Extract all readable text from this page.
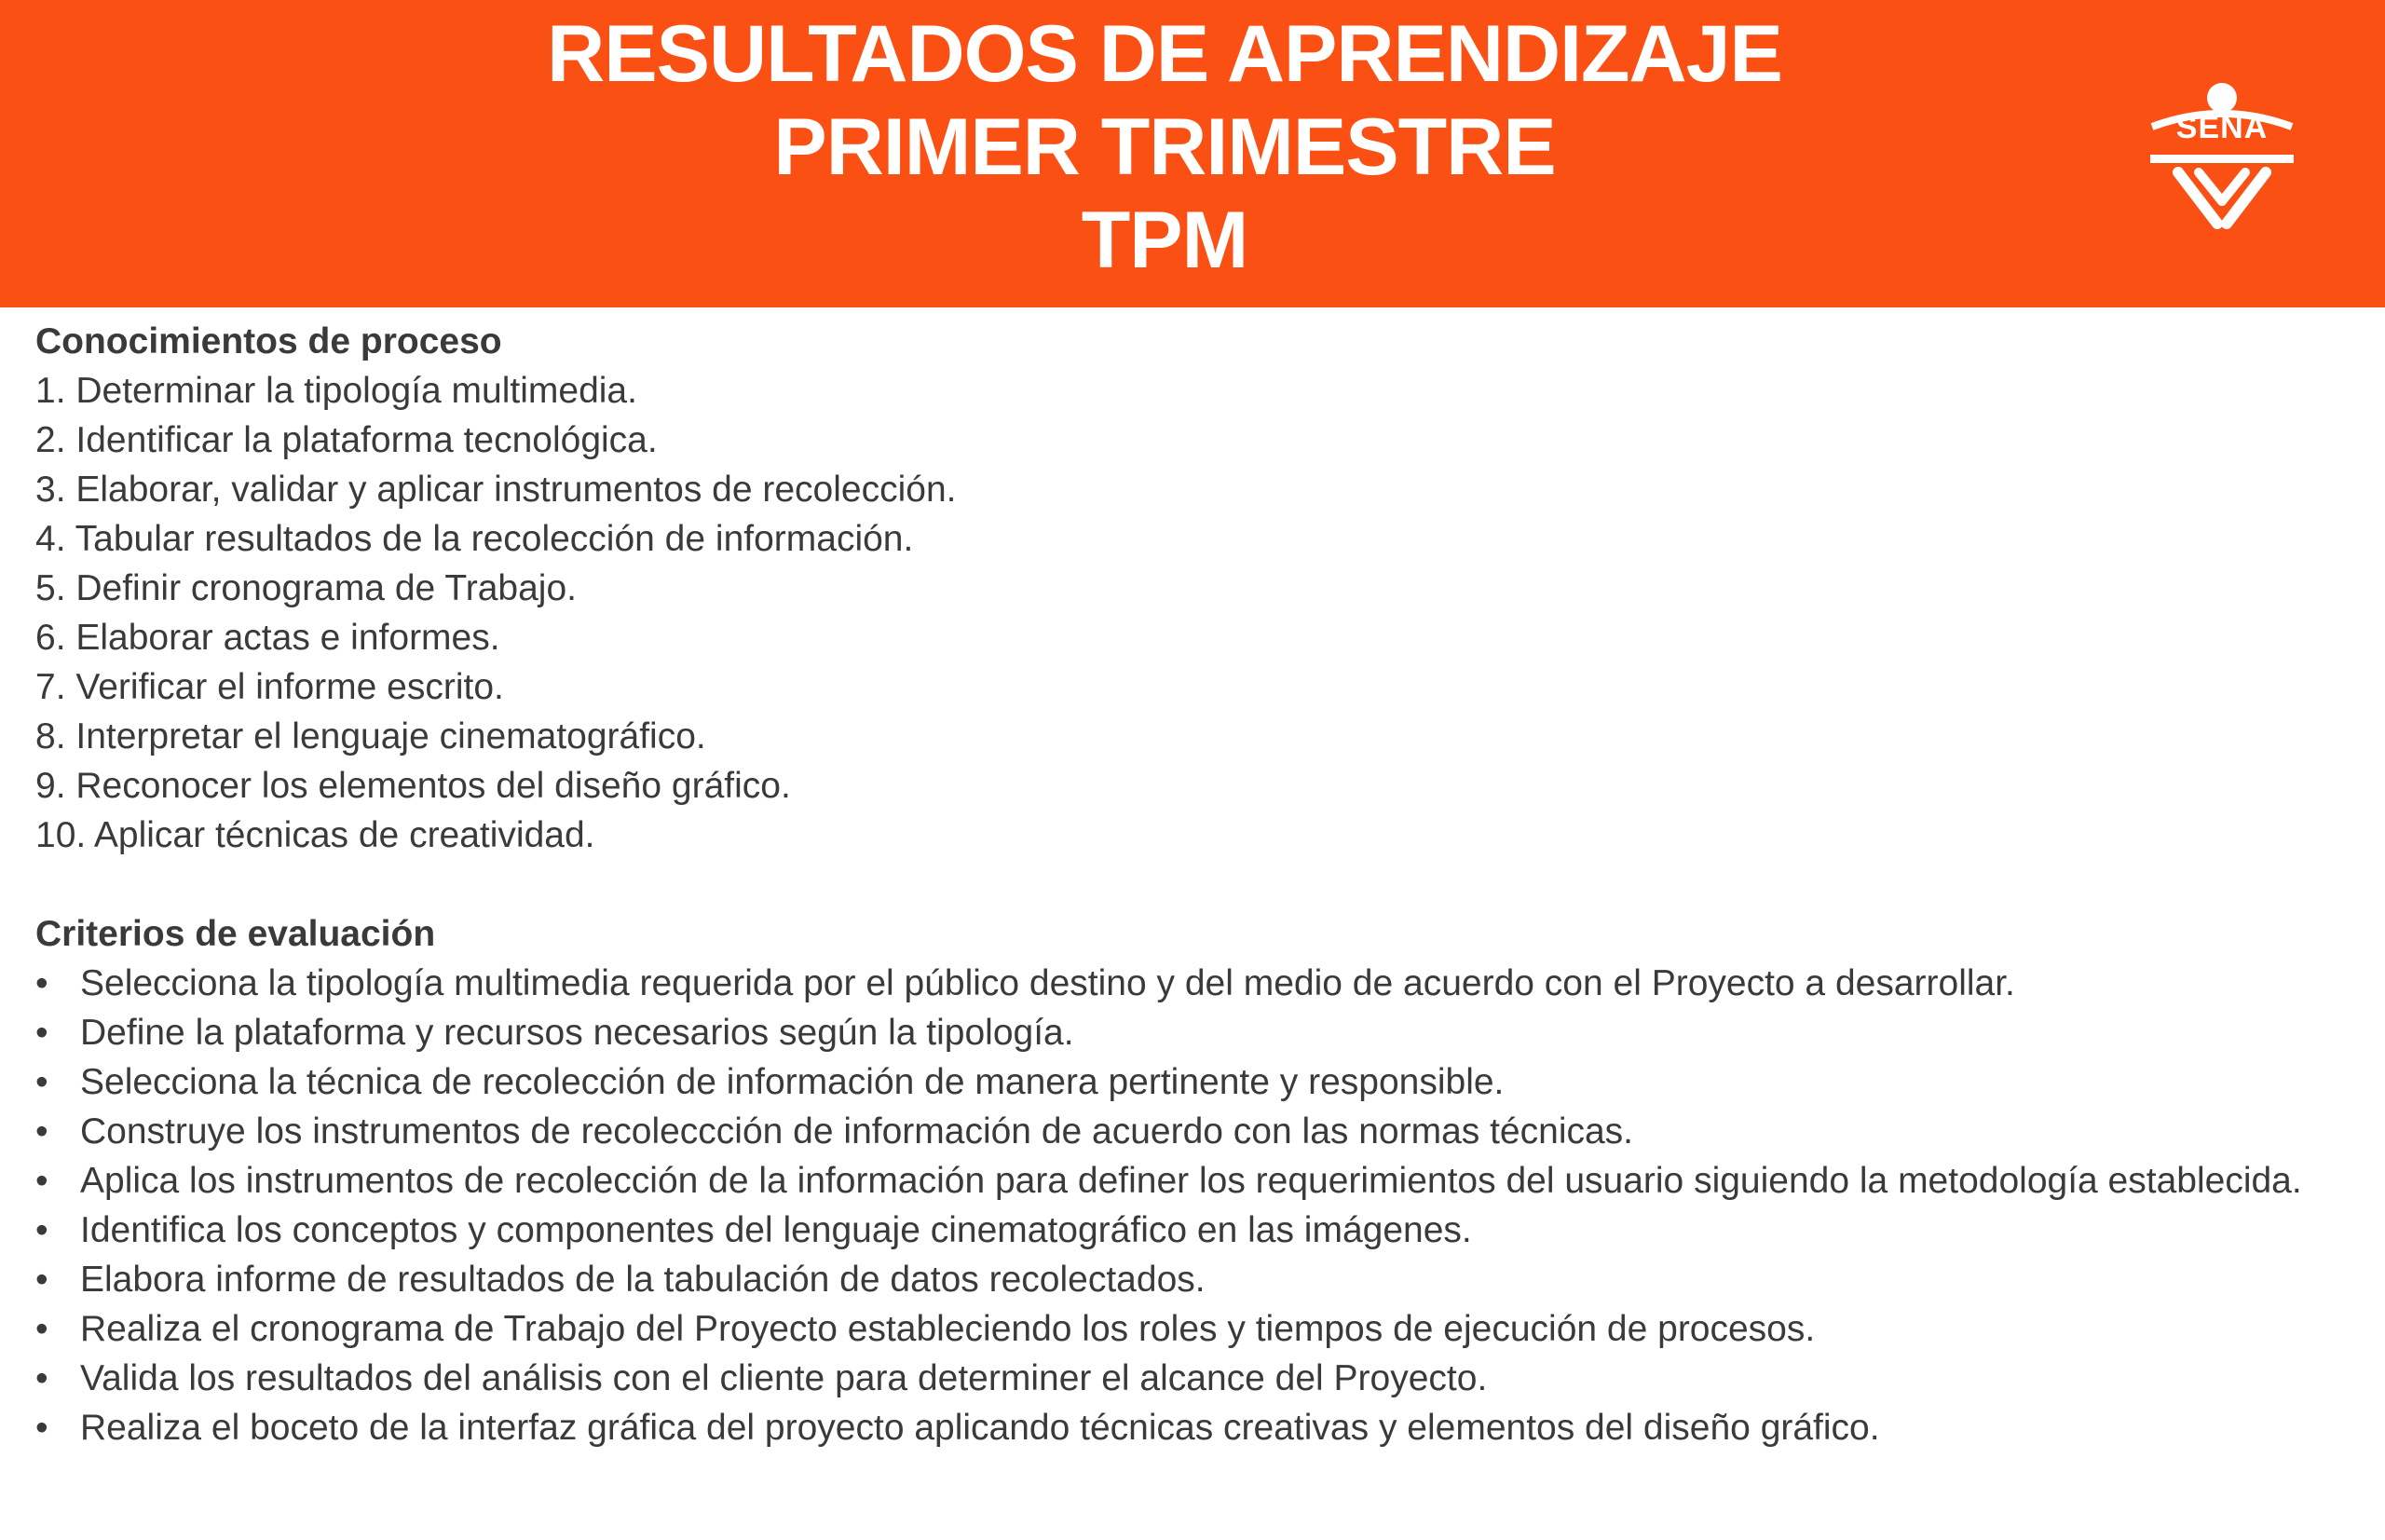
RESULTADOS DE APRENDIZAJE
PRIMER TRIMESTRE
TPM
SENA
Conocimientos de proceso
1. Determinar la tipología multimedia.
2. Identificar la plataforma tecnológica.
3. Elaborar, validar y aplicar instrumentos de recolección.
4. Tabular resultados de la recolección de información.
5. Definir cronograma de Trabajo.
6. Elaborar actas e informes.
7. Verificar el informe escrito.
8. Interpretar el lenguaje cinematográfico.
9. Reconocer los elementos del diseño gráfico.
10. Aplicar técnicas de creatividad.
Criterios de evaluación
• Selecciona la tipología multimedia requerida por el público destino y del medio de acuerdo con el Proyecto a desarrollar.
• Define la plataforma y recursos necesarios según la tipología.
• Selecciona la técnica de recolección de información de manera pertinente y responsible.
• Construye los instrumentos de recoleccción de información de acuerdo con las normas técnicas.
• Aplica los instrumentos de recolección de la información para definer los requerimientos del usuario siguiendo la metodología establecida.
• Identifica los conceptos y componentes del lenguaje cinematográfico en las imágenes.
• Elabora informe de resultados de la tabulación de datos recolectados.
• Realiza el cronograma de Trabajo del Proyecto estableciendo los roles y tiempos de ejecución de procesos.
• Valida los resultados del análisis con el cliente para determiner el alcance del Proyecto.
• Realiza el boceto de la interfaz gráfica del proyecto aplicando técnicas creativas y elementos del diseño gráfico.
